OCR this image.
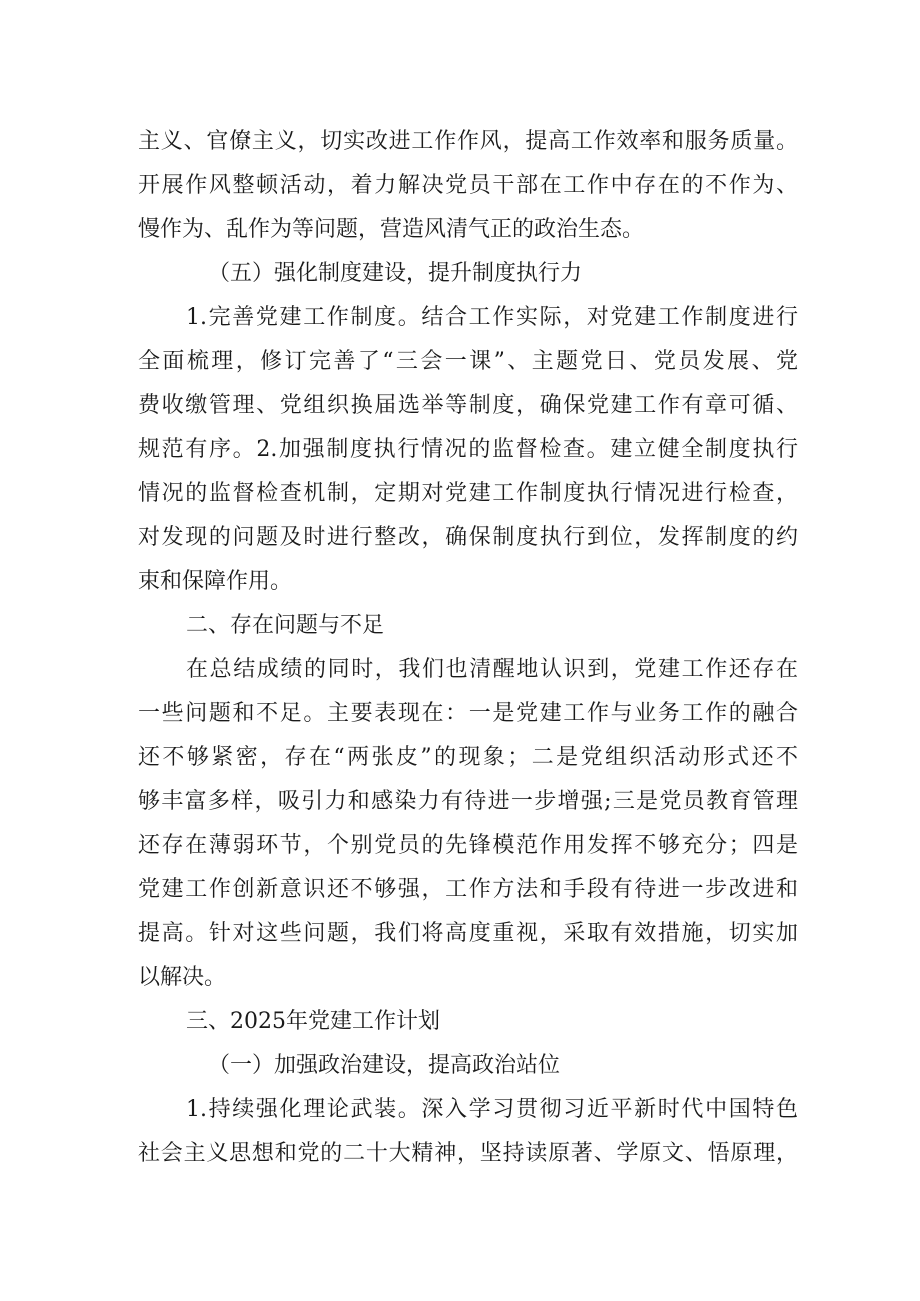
主义、官僚主义，切实改进工作作风，提高工作效率和服务质量。
开展作风整顿活动，着力解决党员干部在工作中存在的不作为、
慢作为、乱作为等问题，营造风清气正的政治生态。
（五）强化制度建设，提升制度执行力
1.完善党建工作制度。结合工作实际，对党建工作制度进行
全面梳理，修订完善了“三会一课”、主题党日、党员发展、党
费收缴管理、党组织换届选举等制度，确保党建工作有章可循、
规范有序。2.加强制度执行情况的监督检查。建立健全制度执行
情况的监督检查机制，定期对党建工作制度执行情况进行检查，
对发现的问题及时进行整改，确保制度执行到位，发挥制度的约
束和保障作用。
二、存在问题与不足
在总结成绩的同时，我们也清醒地认识到，党建工作还存在
一些问题和不足。主要表现在：一是党建工作与业务工作的融合
还不够紧密，存在“两张皮”的现象；二是党组织活动形式还不
够丰富多样，吸引力和感染力有待进一步增强;三是党员教育管理
还存在薄弱环节，个别党员的先锋模范作用发挥不够充分；四是
党建工作创新意识还不够强，工作方法和手段有待进一步改进和
提高。针对这些问题，我们将高度重视，采取有效措施，切实加
以解决。
三、2025年党建工作计划
（一）加强政治建设，提高政治站位
1.持续强化理论武装。深入学习贯彻习近平新时代中国特色
社会主义思想和党的二十大精神，坚持读原著、学原文、悟原理，
